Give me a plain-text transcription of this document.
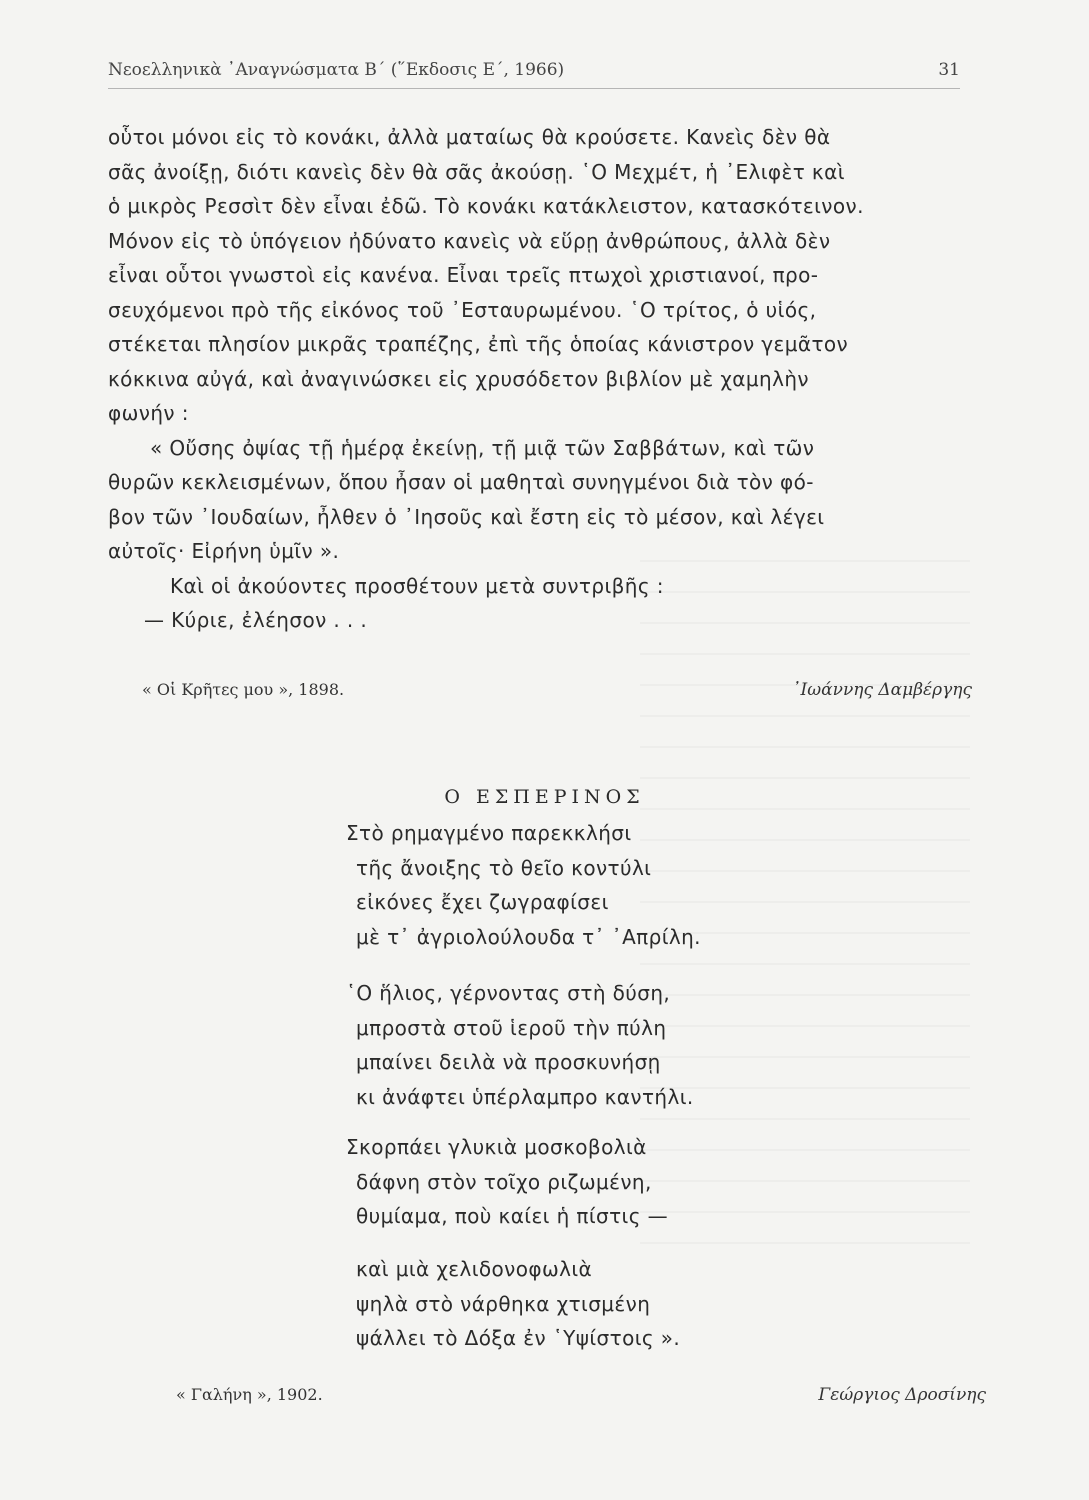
Νεοελληνικὰ ᾿Αναγνώσματα Β΄ (῞Εκδοσις Ε΄, 1966)	31
οὗτοι μόνοι εἰς τὸ κονάκι, ἀλλὰ ματαίως θὰ κρούσετε. Κανεὶς δὲν θὰ
σᾶς ἀνοίξῃ, διότι κανεὶς δὲν θὰ σᾶς ἀκούσῃ. ῾Ο Μεχμέτ, ἡ ᾿Ελιφὲτ καὶ
ὁ μικρὸς Ρεσσὶτ δὲν εἶναι ἐδῶ. Τὸ κονάκι κατάκλειστον, κατασκότεινον.
Μόνον εἰς τὸ ὑπόγειον ἠδύνατο κανεὶς νὰ εὕρῃ ἀνθρώπους, ἀλλὰ δὲν
εἶναι οὗτοι γνωστοὶ εἰς κανένα. Εἶναι τρεῖς πτωχοὶ χριστιανοί, προ-
σευχόμενοι πρὸ τῆς εἰκόνος τοῦ ᾿Εσταυρωμένου. ῾Ο τρίτος, ὁ υἱός,
στέκεται πλησίον μικρᾶς τραπέζης, ἐπὶ τῆς ὁποίας κάνιστρον γεμᾶτον
κόκκινα αὐγά, καὶ ἀναγινώσκει εἰς χρυσόδετον βιβλίον μὲ χαμηλὴν
φωνήν :
« Οὔσης ὀψίας τῇ ἡμέρᾳ ἐκείνῃ, τῇ μιᾷ τῶν Σαββάτων, καὶ τῶν
θυρῶν κεκλεισμένων, ὅπου ἦσαν οἱ μαθηταὶ συνηγμένοι διὰ τὸν φό-
βον τῶν ᾿Ιουδαίων, ἦλθεν ὁ ᾿Ιησοῦς καὶ ἔστη εἰς τὸ μέσον, καὶ λέγει
αὐτοῖς· Εἰρήνη ὑμῖν ».
Καὶ οἱ ἀκούοντες προσθέτουν μετὰ συντριβῆς :
— Κύριε, ἐλέησον . . .
« Οἱ Κρῆτες μου », 1898.	᾿Ιωάννης Δαμβέργης
Ο ΕΣΠΕΡΙΝΟΣ
Στὸ ρημαγμένο παρεκκλήσι
τῆς ἄνοιξης τὸ θεῖο κοντύλι
εἰκόνες ἔχει ζωγραφίσει
μὲ τ᾿ ἀγριολούλουδα τ᾿ ᾿Απρίλη.
῾Ο ἥλιος, γέρνοντας στὴ δύση,
μπροστὰ στοῦ ἱεροῦ τὴν πύλη
μπαίνει δειλὰ νὰ προσκυνήσῃ
κι ἀνάφτει ὑπέρλαμπρο καντήλι.
Σκορπάει γλυκιὰ μοσκοβολιὰ
δάφνη στὸν τοῖχο ριζωμένη,
θυμίαμα, ποὺ καίει ἡ πίστις —
καὶ μιὰ χελιδονοφωλιὰ
ψηλὰ στὸ νάρθηκα χτισμένη
ψάλλει τὸ Δόξα ἐν ῾Υψίστοις ».
« Γαλήνη », 1902.	Γεώργιος Δροσίνης
